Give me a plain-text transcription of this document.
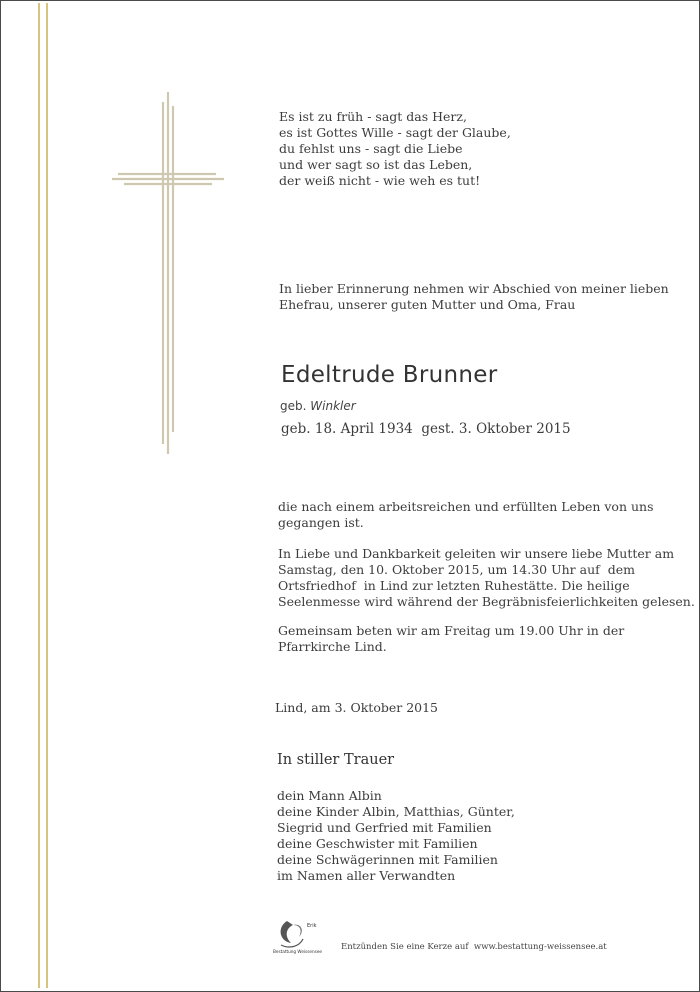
Es ist zu früh - sagt das Herz,
es ist Gottes Wille - sagt der Glaube,
du fehlst uns - sagt die Liebe
und wer sagt so ist das Leben,
der weiß nicht - wie weh es tut!
In lieber Erinnerung nehmen wir Abschied von meiner lieben
Ehefrau, unserer guten Mutter und Oma, Frau
Edeltrude Brunner
geb. Winkler
geb. 18. April 1934  gest. 3. Oktober 2015
die nach einem arbeitsreichen und erfüllten Leben von uns
gegangen ist.
In Liebe und Dankbarkeit geleiten wir unsere liebe Mutter am
Samstag, den 10. Oktober 2015, um 14.30 Uhr auf  dem
Ortsfriedhof  in Lind zur letzten Ruhestätte. Die heilige
Seelenmesse wird während der Begräbnisfeierlichkeiten gelesen.
Gemeinsam beten wir am Freitag um 19.00 Uhr in der
Pfarrkirche Lind.
Lind, am 3. Oktober 2015
In stiller Trauer
dein Mann Albin
deine Kinder Albin, Matthias, Günter,
Siegrid und Gerfried mit Familien
deine Geschwister mit Familien
deine Schwägerinnen mit Familien
im Namen aller Verwandten
Erik
Bestattung Weissensee Entzünden Sie eine Kerze auf  www.bestattung-weissensee.at
